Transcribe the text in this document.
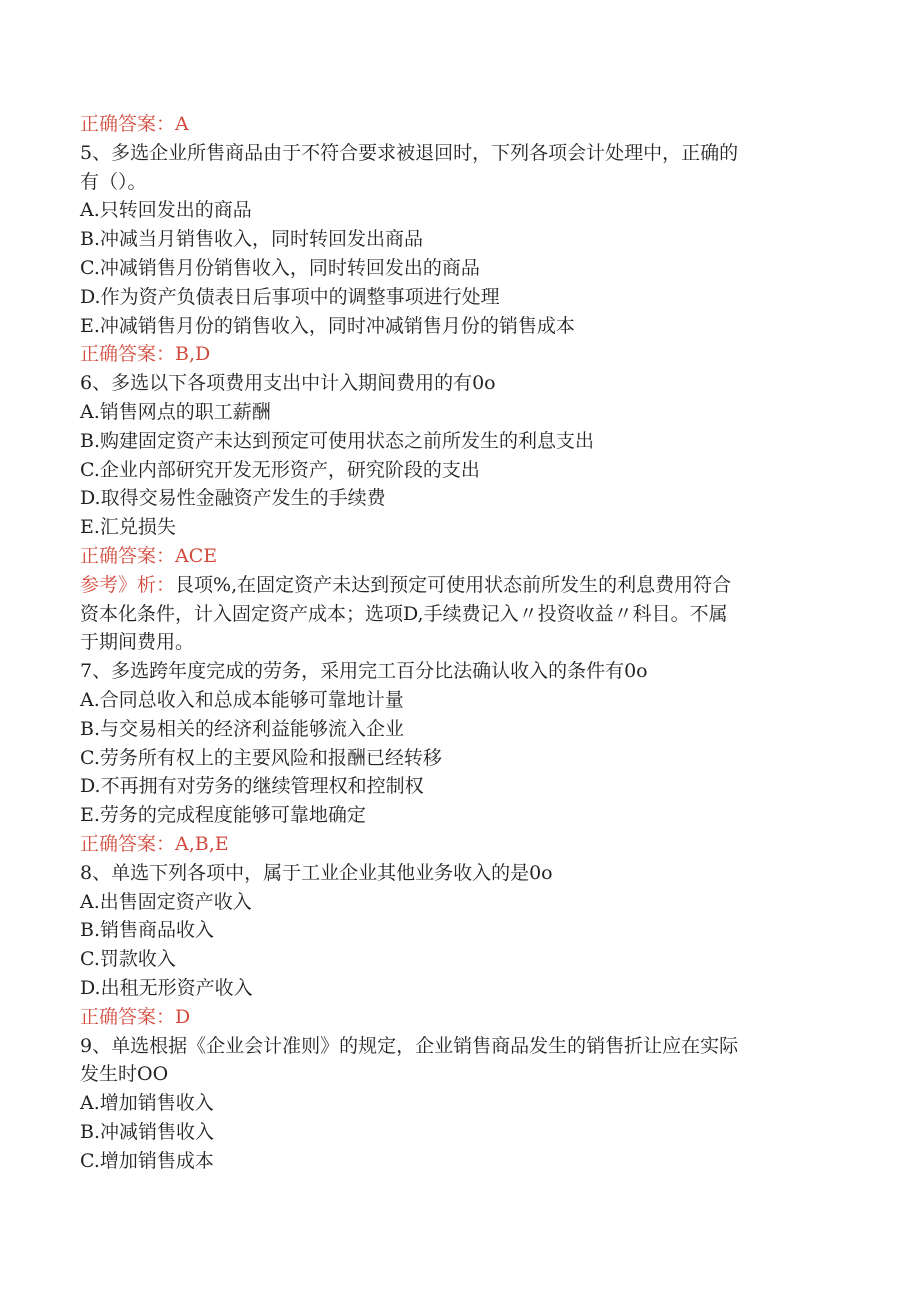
正确答案：A

5、多选企业所售商品由于不符合要求被退回时，下列各项会计处理中，正确的

有（）。

A.只转回发出的商品

B.冲减当月销售收入，同时转回发出商品

C.冲减销售月份销售收入，同时转回发出的商品

D.作为资产负债表日后事项中的调整事项进行处理

E.冲减销售月份的销售收入，同时冲减销售月份的销售成本

正确答案：B,D

6、多选以下各项费用支出中计入期间费用的有0o

A.销售网点的职工薪酬

B.购建固定资产未达到预定可使用状态之前所发生的利息支出

C.企业内部研究开发无形资产，研究阶段的支出

D.取得交易性金融资产发生的手续费

E.汇兑损失

正确答案：ACE

参考》析：艮项%,在固定资产未达到预定可使用状态前所发生的利息费用符合

资本化条件，计入固定资产成本；选项D,手续费记入〃投资收益〃科目。不属

于期间费用。

7、多选跨年度完成的劳务，采用完工百分比法确认收入的条件有0o

A.合同总收入和总成本能够可靠地计量

B.与交易相关的经济利益能够流入企业

C.劳务所有权上的主要风险和报酬已经转移

D.不再拥有对劳务的继续管理权和控制权

E.劳务的完成程度能够可靠地确定

正确答案：A,B,E

8、单选下列各项中，属于工业企业其他业务收入的是0o

A.出售固定资产收入

B.销售商品收入

C.罚款收入

D.出租无形资产收入

正确答案：D

9、单选根据《企业会计准则》的规定，企业销售商品发生的销售折让应在实际

发生时OO

A.增加销售收入

B.冲减销售收入

C.增加销售成本
